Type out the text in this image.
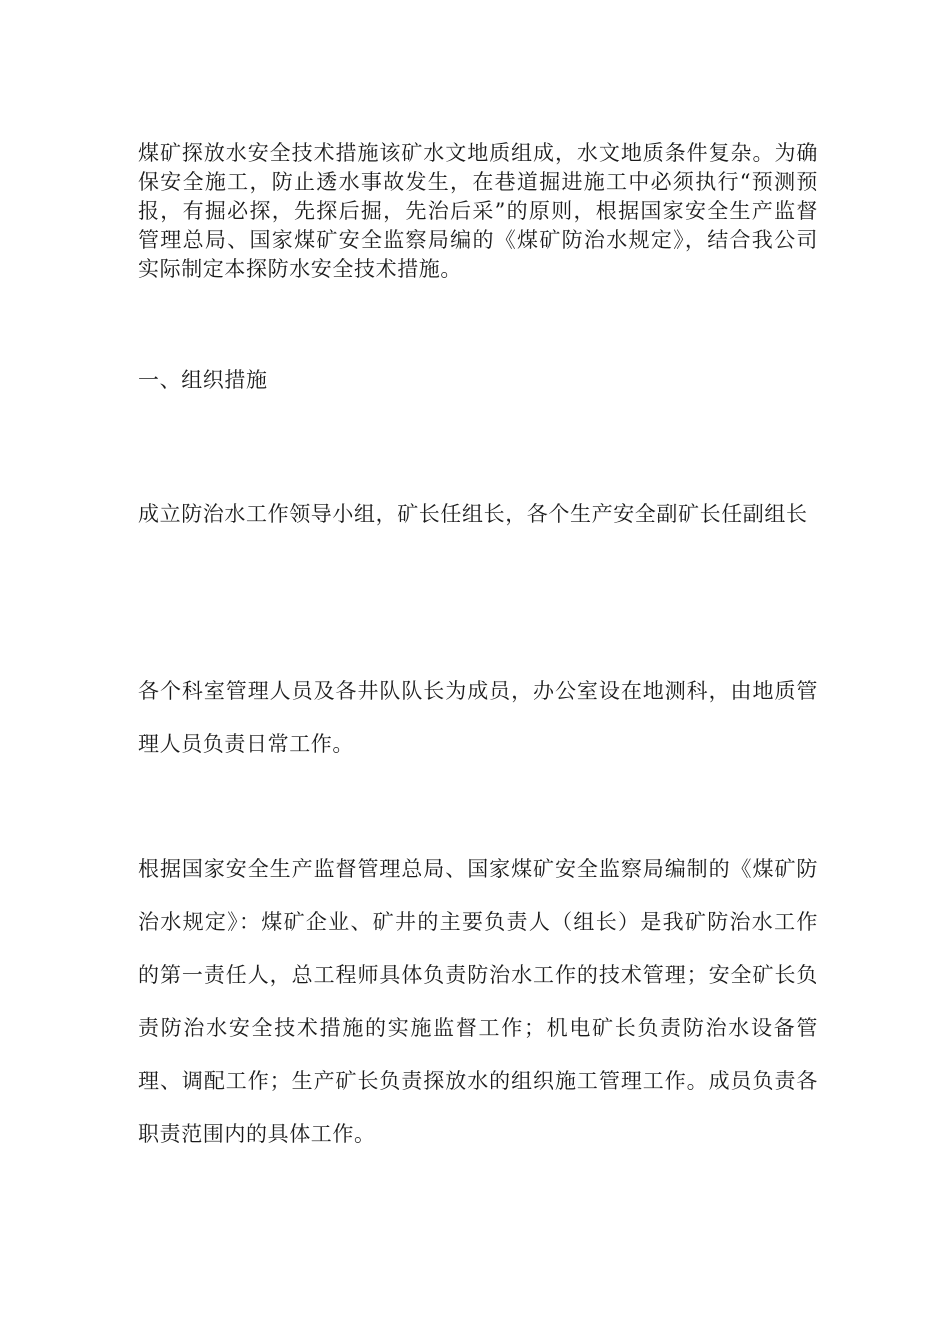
煤矿探放水安全技术措施该矿水文地质组成，水文地质条件复杂。为确保安全施工，防止透水事故发生，在巷道掘进施工中必须执行“预测预报，有掘必探，先探后掘，先治后采”的原则，根据国家安全生产监督管理总局、国家煤矿安全监察局编的《煤矿防治水规定》，结合我公司实际制定本探防水安全技术措施。

一、组织措施

成立防治水工作领导小组，矿长任组长，各个生产安全副矿长任副组长

各个科室管理人员及各井队队长为成员，办公室设在地测科，由地质管理人员负责日常工作。

根据国家安全生产监督管理总局、国家煤矿安全监察局编制的《煤矿防治水规定》：煤矿企业、矿井的主要负责人（组长）是我矿防治水工作的第一责任人，总工程师具体负责防治水工作的技术管理；安全矿长负责防治水安全技术措施的实施监督工作；机电矿长负责防治水设备管理、调配工作；生产矿长负责探放水的组织施工管理工作。成员负责各职责范围内的具体工作。
